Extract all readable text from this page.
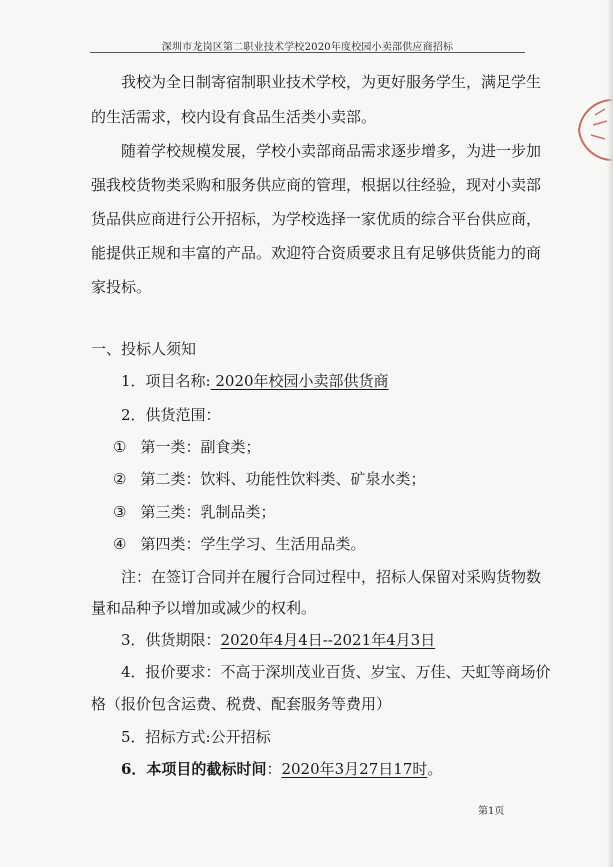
深圳市龙岗区第二职业技术学校2020年度校园小卖部供应商招标
我校为全日制寄宿制职业技术学校，为更好服务学生，满足学生
的生活需求，校内设有食品生活类小卖部。
随着学校规模发展，学校小卖部商品需求逐步增多，为进一步加
强我校货物类采购和服务供应商的管理，根据以往经验，现对小卖部
货品供应商进行公开招标，为学校选择一家优质的综合平台供应商，
能提供正规和丰富的产品。欢迎符合资质要求且有足够供货能力的商
家投标。
一、投标人须知
1．项目名称: 2020年校园小卖部供货商
2．供货范围：
① 第一类：副食类；
② 第二类：饮料、功能性饮料类、矿泉水类；
③ 第三类：乳制品类；
④ 第四类：学生学习、生活用品类。
注：在签订合同并在履行合同过程中，招标人保留对采购货物数
量和品种予以增加或减少的权利。
3．供货期限：2020年4月4日--2021年4月3日
4．报价要求：不高于深圳茂业百货、岁宝、万佳、天虹等商场价
格（报价包含运费、税费、配套服务等费用）
5．招标方式:公开招标
6．本项目的截标时间：2020年3月27日17时。
第1页
